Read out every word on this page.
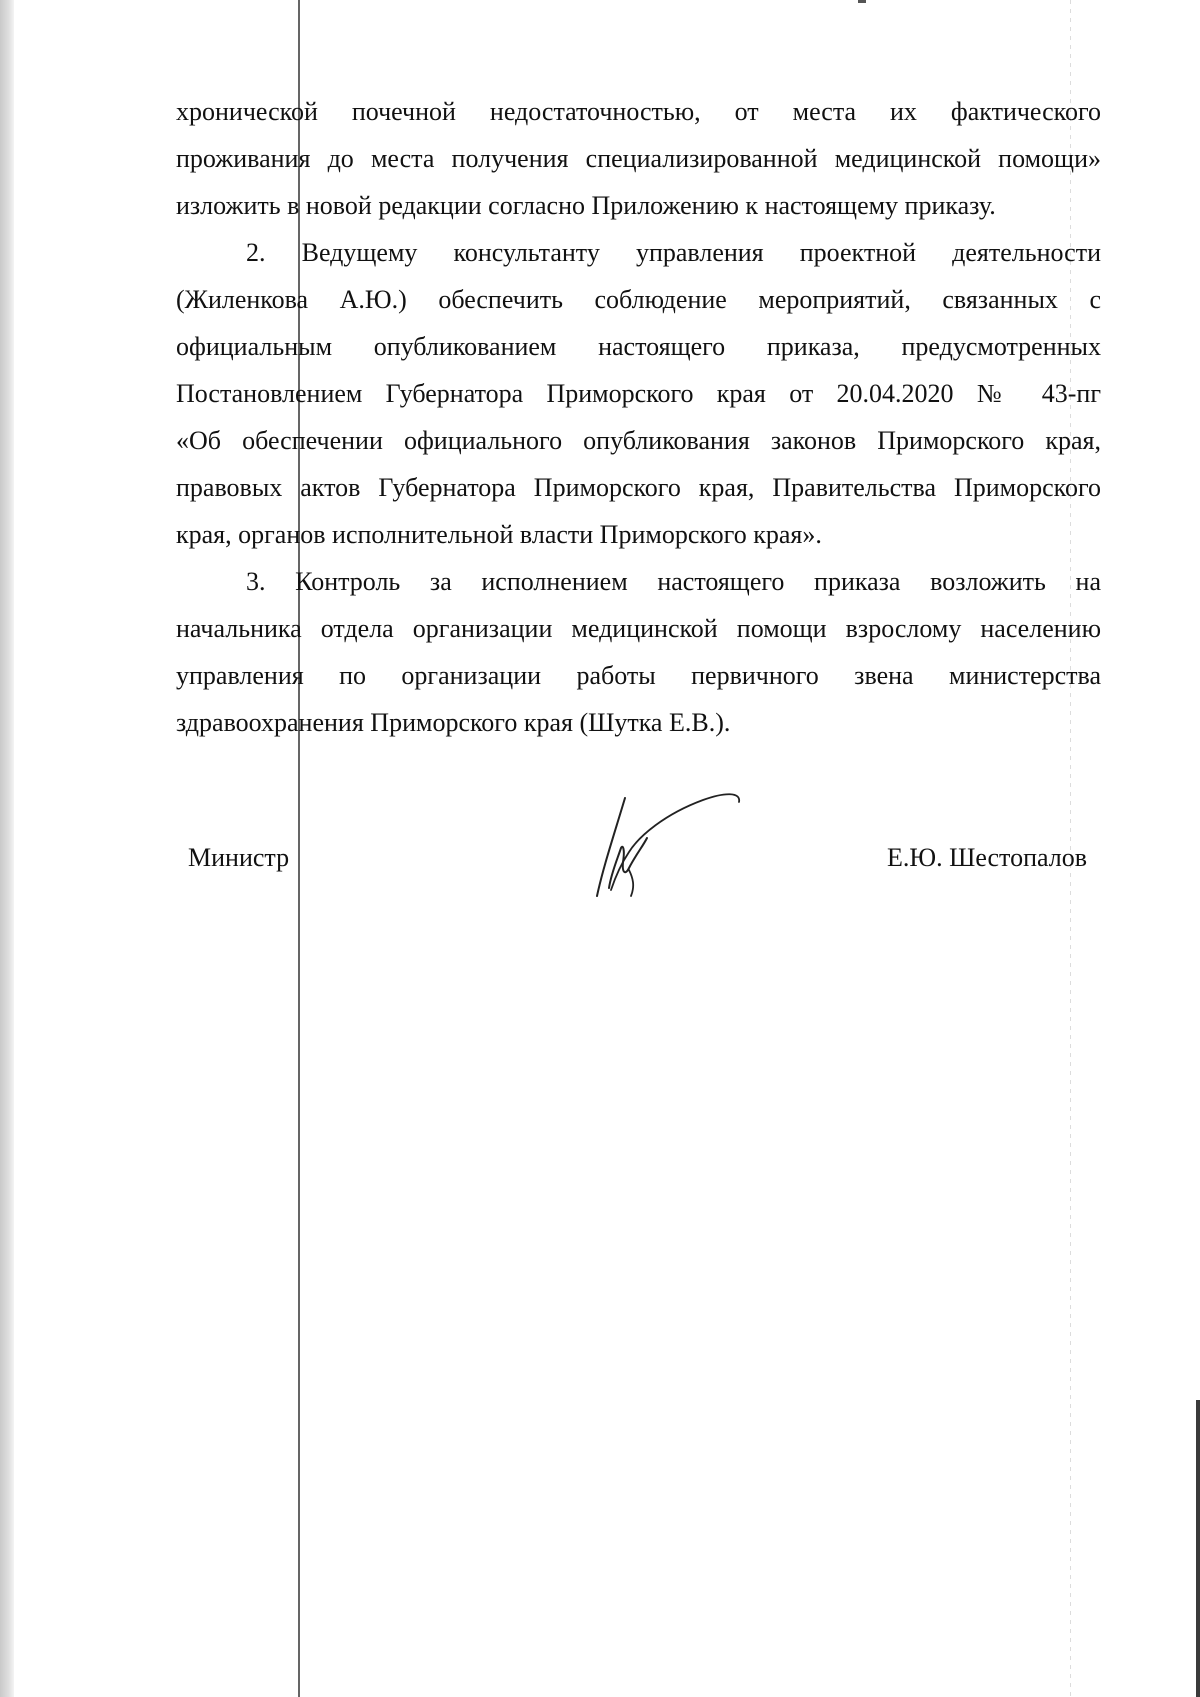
хронической почечной недостаточностью, от места их фактического
проживания до места получения специализированной медицинской помощи»
изложить в новой редакции согласно Приложению к настоящему приказу.
2. Ведущему консультанту управления проектной деятельности
(Жиленкова А.Ю.) обеспечить соблюдение мероприятий, связанных с
официальным опубликованием настоящего приказа, предусмотренных
Постановлением Губернатора Приморского края от 20.04.2020 № 43-пг
«Об обеспечении официального опубликования законов Приморского края,
правовых актов Губернатора Приморского края, Правительства Приморского
края, органов исполнительной власти Приморского края».
3. Контроль за исполнением настоящего приказа возложить на
начальника отдела организации медицинской помощи взрослому населению
управления по организации работы первичного звена министерства
здравоохранения Приморского края (Шутка Е.В.).
Министр	Е.Ю. Шестопалов
